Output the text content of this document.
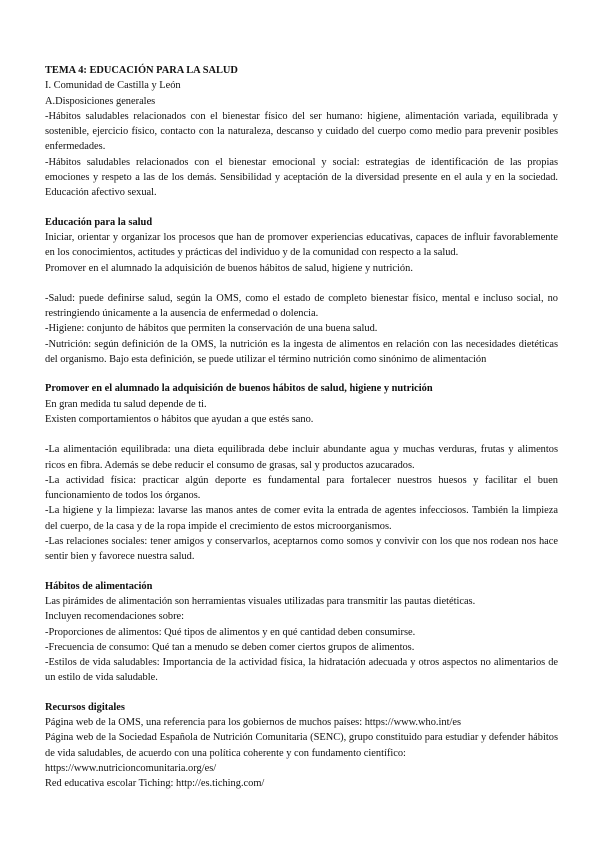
TEMA 4: EDUCACIÓN PARA LA SALUD

I. Comunidad de Castilla y León

A.Disposiciones generales

-Hábitos saludables relacionados con el bienestar físico del ser humano: higiene, alimentación variada, equilibrada y sostenible, ejercicio físico, contacto con la naturaleza, descanso y cuidado del cuerpo como medio para prevenir posibles enfermedades.

-Hábitos saludables relacionados con el bienestar emocional y social: estrategias de identificación de las propias emociones y respeto a las de los demás. Sensibilidad y aceptación de la diversidad presente en el aula y en la sociedad. Educación afectivo sexual.

Educación para la salud

Iniciar, orientar y organizar los procesos que han de promover experiencias educativas, capaces de influir favorablemente en los conocimientos, actitudes y prácticas del individuo y de la comunidad con respecto a la salud.

Promover en el alumnado la adquisición de buenos hábitos de salud, higiene y nutrición.

-Salud: puede definirse salud, según la OMS, como el estado de completo bienestar físico, mental e incluso social, no restringiendo únicamente a la ausencia de enfermedad o dolencia.

-Higiene: conjunto de hábitos que permiten la conservación de una buena salud.

-Nutrición: según definición de la OMS, la nutrición es la ingesta de alimentos en relación con las necesidades dietéticas del organismo. Bajo esta definición, se puede utilizar el término nutrición como sinónimo de alimentación

Promover en el alumnado la adquisición de buenos hábitos de salud, higiene y nutrición

En gran medida tu salud depende de ti.

Existen comportamientos o hábitos que ayudan a que estés sano.

-La alimentación equilibrada: una dieta equilibrada debe incluir abundante agua y muchas verduras, frutas y alimentos ricos en fibra. Además se debe reducir el consumo de grasas, sal y productos azucarados.

-La actividad física: practicar algún deporte es fundamental para fortalecer nuestros huesos y facilitar el buen funcionamiento de todos los órganos.

-La higiene y la limpieza: lavarse las manos antes de comer evita la entrada de agentes infecciosos. También la limpieza del cuerpo, de la casa y de la ropa impide el crecimiento de estos microorganismos.

-Las relaciones sociales: tener amigos y conservarlos, aceptarnos como somos y convivir con los que nos rodean nos hace sentir bien y favorece nuestra salud.

Hábitos de alimentación

Las pirámides de alimentación son herramientas visuales utilizadas para transmitir las pautas dietéticas.

Incluyen recomendaciones sobre:

-Proporciones de alimentos: Qué tipos de alimentos y en qué cantidad deben consumirse.

-Frecuencia de consumo: Qué tan a menudo se deben comer ciertos grupos de alimentos.

-Estilos de vida saludables: Importancia de la actividad física, la hidratación adecuada y otros aspectos no alimentarios de un estilo de vida saludable.

Recursos digitales

Página web de la OMS, una referencia para los gobiernos de muchos países: https://www.who.int/es

Página web de la Sociedad Española de Nutrición Comunitaria (SENC), grupo constituido para estudiar y defender hábitos de vida saludables, de acuerdo con una política coherente y con fundamento científico:

https://www.nutricioncomunitaria.org/es/

Red educativa escolar Tiching: http://es.tiching.com/
